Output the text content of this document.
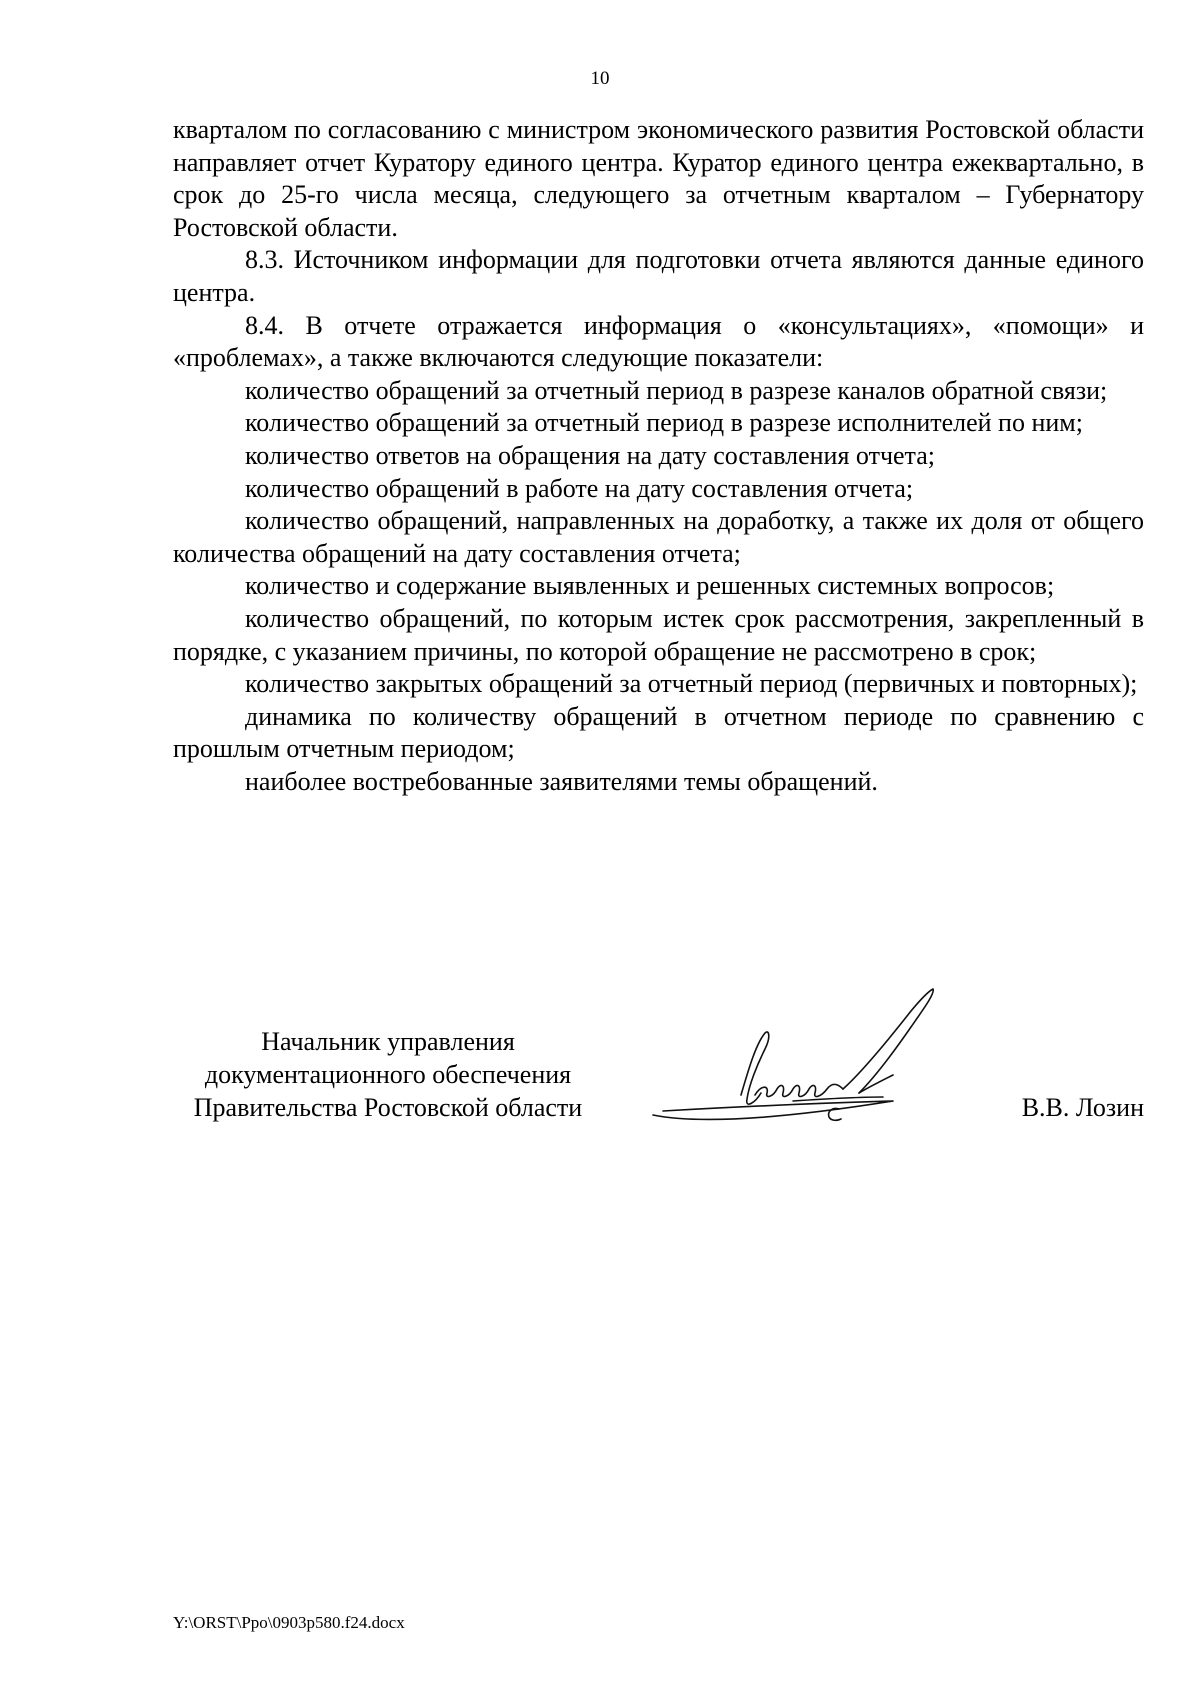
10

кварталом по согласованию с министром экономического развития Ростовской области направляет отчет Куратору единого центра. Куратор единого центра ежеквартально, в срок до 25-го числа месяца, следующего за отчетным кварталом – Губернатору Ростовской области.

8.3. Источником информации для подготовки отчета являются данные единого центра.

8.4. В отчете отражается информация о «консультациях», «помощи» и «проблемах», а также включаются следующие показатели:

количество обращений за отчетный период в разрезе каналов обратной связи;

количество обращений за отчетный период в разрезе исполнителей по ним;

количество ответов на обращения на дату составления отчета;

количество обращений в работе на дату составления отчета;

количество обращений, направленных на доработку, а также их доля от общего количества обращений на дату составления отчета;

количество и содержание выявленных и решенных системных вопросов;

количество обращений, по которым истек срок рассмотрения, закрепленный в порядке, с указанием причины, по которой обращение не рассмотрено в срок;

количество закрытых обращений за отчетный период (первичных и повторных);

динамика по количеству обращений в отчетном периоде по сравнению с прошлым отчетным периодом;

наиболее востребованные заявителями темы обращений.

Начальник управления
документационного обеспечения
Правительства Ростовской области	В.В. Лозин
Y:\ORST\Ppo\0903p580.f24.docx
